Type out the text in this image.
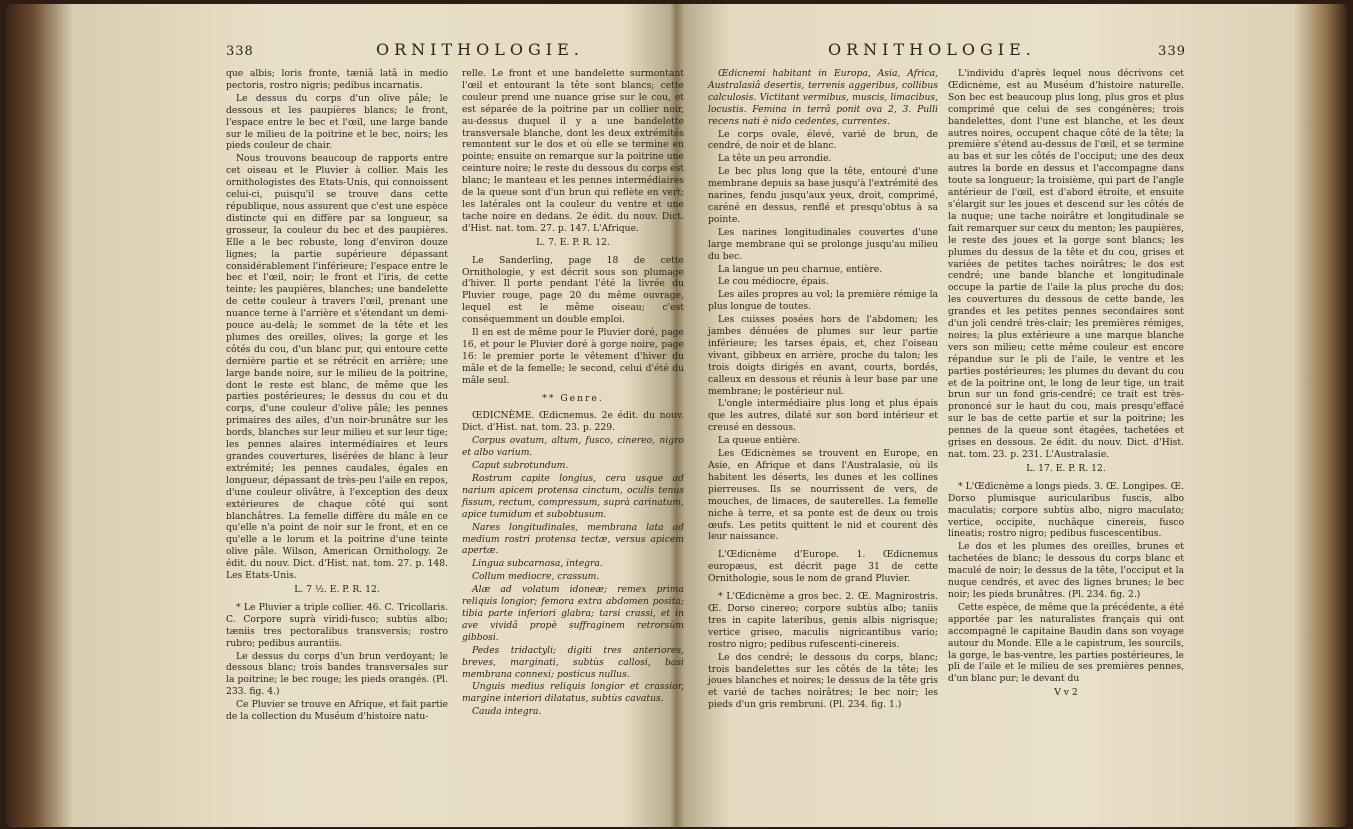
338	ORNITHOLOGIE.

que albis; loris fronte, tæniâ latâ in medio pectoris, rostro nigris; pedibus incarnatis.

Le dessus du corps d'un olive pâle; le dessous et les paupières blancs; le front, l'espace entre le bec et l'œil, une large bande sur le milieu de la poitrine et le bec, noirs; les pieds couleur de chair.

Nous trouvons beaucoup de rapports entre cet oiseau et le Pluvier à collier. Mais les ornithologistes des Etats-Unis, qui connoissent celui-ci, puisqu'il se trouve dans cette république, nous assurent que c'est une espèce distincte qui en diffère par sa longueur, sa grosseur, la couleur du bec et des paupières. Elle a le bec robuste, long d'environ douze lignes; la partie supérieure dépassant considérablement l'inférieure; l'espace entre le bec et l'œil, noir; le front et l'iris, de cette teinte; les paupières, blanches; une bandelette de cette couleur à travers l'œil, prenant une nuance terne à l'arrière et s'étendant un demi-pouce au-delà; le sommet de la tête et les plumes des oreilles, olives; la gorge et les côtés du cou, d'un blanc pur, qui entoure cette dernière partie et se rétrécit en arrière; une large bande noire, sur le milieu de la poitrine, dont le reste est blanc, de même que les parties postérieures; le dessus du cou et du corps, d'une couleur d'olive pâle; les pennes primaires des ailes, d'un noir-brunâtre sur les bords, blanches sur leur milieu et sur leur tige; les pennes alaires intermédiaires et leurs grandes couvertures, lisérées de blanc à leur extrémité; les pennes caudales, égales en longueur, dépassant de très-peu l'aile en repos, d'une couleur olivâtre, à l'exception des deux extérieures de chaque côté qui sont blanchâtres. La femelle diffère du mâle en ce qu'elle n'a point de noir sur le front, et en ce qu'elle a le lorum et la poitrine d'une teinte olive pâle. Wilson, American Ornithology. 2e édit. du nouv. Dict. d'Hist. nat. tom. 27. p. 148. Les Etats-Unis.

L. 7 ½. E. P. R. 12.

* Le Pluvier a triple collier. 46. C. Tricollaris. C. Corpore suprà viridi-fusco; subtùs albo; tæniis tres pectoralibus transversis; rostro rubro; pedibus aurantiis.

Le dessus du corps d'un brun verdoyant; le dessous blanc; trois bandes transversales sur la poitrine; le bec rouge; les pieds orangés. (Pl. 233. fig. 4.)

Ce Pluvier se trouve en Afrique, et fait partie de la collection du Muséum d'histoire natu-

relle. Le front et une bandelette surmontant l'œil et entourant la tête sont blancs; cette couleur prend une nuance grise sur le cou, et est séparée de la poitrine par un collier noir, au-dessus duquel il y a une bandelette transversale blanche, dont les deux extrémités remontent sur le dos et où elle se termine en pointe; ensuite on remarque sur la poitrine une ceinture noire; le reste du dessous du corps est blanc; le manteau et les pennes intermédiaires de la queue sont d'un brun qui reflète en vert; les latérales ont la couleur du ventre et une tache noire en dedans. 2e édit. du nouv. Dict. d'Hist. nat. tom. 27. p. 147. L'Afrique.

L. 7. E. P. R. 12.

Le Sanderling, page 18 de cette Ornithologie, y est décrit sous son plumage d'hiver. Il porte pendant l'été la livrée du Pluvier rouge, page 20 du même ouvrage, lequel est le même oiseau; c'est conséquemment un double emploi.

Il en est de même pour le Pluvier doré, page 16, et pour le Pluvier doré à gorge noire, page 16: le premier porte le vêtement d'hiver du mâle et de la femelle; le second, celui d'été du mâle seul.

** Genre.

ŒDICNÈME. Œdicnemus. 2e édit. du nouv. Dict. d'Hist. nat. tom. 23. p. 229.

Corpus ovatum, altum, fusco, cinereo, nigro et albo varium.

Caput subrotundum.

Rostrum capite longius, cera usque ad narium apicem protensa cinctum, oculis tenus fissum, rectum, compressum, suprà carinatum, apice tumidum et subobtusum.

Nares longitudinales, membrana lata ad medium rostri protensa tectæ, versus apicem apertæ.

Lingua subcarnosa, integra.

Collum mediocre, crassum.

Alæ ad volatum idoneæ; remex prima reliquis longior; femora extra abdomen posita; tibia parte inferiori glabra; tarsi crassi, et in ave vividâ propè suffraginem retrorsùm gibbosi.

Pedes tridactyli; digiti tres anteriores, breves, marginati, subtùs callosi, basi membrana connexi; posticus nullus.

Unguis medius reliquis longior et crassior, margine interiori dilatatus, subtùs cavatus.

Cauda integra.

ORNITHOLOGIE.	339

Œdicnemi habitant in Europa, Asia, Africa, Australasiâ desertis, terrenis aggeribus, collibus calculosis. Victitant vermibus, muscis, limacibus, locustis. Femina in terrâ ponit ova 2, 3. Pulli recens nati è nido cedentes, currentes.

Le corps ovale, élevé, varié de brun, de cendré, de noir et de blanc.

La tête un peu arrondie.

Le bec plus long que la tête, entouré d'une membrane depuis sa base jusqu'à l'extrémité des narines, fendu jusqu'aux yeux, droit, comprimé, caréné en dessus, renflé et presqu'obtus à sa pointe.

Les narines longitudinales couvertes d'une large membrane qui se prolonge jusqu'au milieu du bec.

La langue un peu charnue, entière.

Le cou médiocre, épais.

Les ailes propres au vol; la première rémige la plus longue de toutes.

Les cuisses posées hors de l'abdomen; les jambes dénuées de plumes sur leur partie inférieure; les tarses épais, et, chez l'oiseau vivant, gibbeux en arrière, proche du talon; les trois doigts dirigés en avant, courts, bordés, calleux en dessous et réunis à leur base par une membrane; le postérieur nul.

L'ongle intermédiaire plus long et plus épais que les autres, dilaté sur son bord intérieur et creusé en dessous.

La queue entière.

Les Œdicnèmes se trouvent en Europe, en Asie, en Afrique et dans l'Australasie, où ils habitent les déserts, les dunes et les collines pierreuses. Ils se nourrissent de vers, de mouches, de limaces, de sauterelles. La femelle niche à terre, et sa ponte est de deux ou trois œufs. Les petits quittent le nid et courent dès leur naissance.

L'Œdicnème d'Europe. 1. Œdicnemus europæus, est décrit page 31 de cette Ornithologie, sous le nom de grand Pluvier.

* L'Œdicnème a gros bec. 2. Œ. Magnirostris. Œ. Dorso cinereo; corpore subtùs albo; taniis tres in capite lateribus, genis albis nigrisque; vertice griseo, maculis nigricantibus vario; rostro nigro; pedibus rufescenti-cinereis.

Le dos cendré; le dessous du corps, blanc; trois bandelettes sur les côtés de la tête; les joues blanches et noires; le dessus de la tête gris et varié de taches noirâtres; le bec noir; les pieds d'un gris rembruni. (Pl. 234. fig. 1.)

L'individu d'après lequel nous décrivons cet Œdicnème, est au Muséum d'histoire naturelle. Son bec est beaucoup plus long, plus gros et plus comprimé que celui de ses congénères; trois bandelettes, dont l'une est blanche, et les deux autres noires, occupent chaque côté de la tête; la première s'étend au-dessus de l'œil, et se termine au bas et sur les côtés de l'occiput; une des deux autres la borde en dessus et l'accompagne dans toute sa longueur; la troisième, qui part de l'angle antérieur de l'œil, est d'abord étroite, et ensuite s'élargit sur les joues et descend sur les côtés de la nuque; une tache noirâtre et longitudinale se fait remarquer sur ceux du menton; les paupières, le reste des joues et la gorge sont blancs; les plumes du dessus de la tête et du cou, grises et variées de petites taches noirâtres; le dos est cendré; une bande blanche et longitudinale occupe la partie de l'aile la plus proche du dos; les couvertures du dessous de cette bande, les grandes et les petites pennes secondaires sont d'un joli cendré très-clair; les premières rémiges, noires; la plus extérieure a une marque blanche vers son milieu; cette même couleur est encore répandue sur le pli de l'aile, le ventre et les parties postérieures; les plumes du devant du cou et de la poitrine ont, le long de leur tige, un trait brun sur un fond gris-cendré; ce trait est très-prononcé sur le haut du cou, mais presqu'effacé sur le bas de cette partie et sur la poitrine; les pennes de la queue sont étagées, tachetées et grises en dessous. 2e édit. du nouv. Dict. d'Hist. nat. tom. 23. p. 231. L'Australasie.

L. 17. E. P. R. 12.

* L'Œdicnème a longs pieds. 3. Œ. Longipes. Œ. Dorso plumisque auricularibus fuscis, albo maculatis; corpore subtùs albo, nigro maculato; vertice, occipite, nuchâque cinereis, fusco lineatis; rostro nigro; pedibus fuscescentibus.

Le dos et les plumes des oreilles, brunes et tachetées de blanc; le dessous du corps blanc et maculé de noir; le dessus de la tête, l'occiput et la nuque cendrés, et avec des lignes brunes; le bec noir; les pieds brunâtres. (Pl. 234. fig. 2.)

Cette espèce, de même que la précédente, a été apportée par les naturalistes français qui ont accompagné le capitaine Baudin dans son voyage autour du Monde. Elle a le capistrum, les sourcils, la gorge, le bas-ventre, les parties postérieures, le pli de l'aile et le milieu de ses premières pennes, d'un blanc pur; le devant du

V v 2
